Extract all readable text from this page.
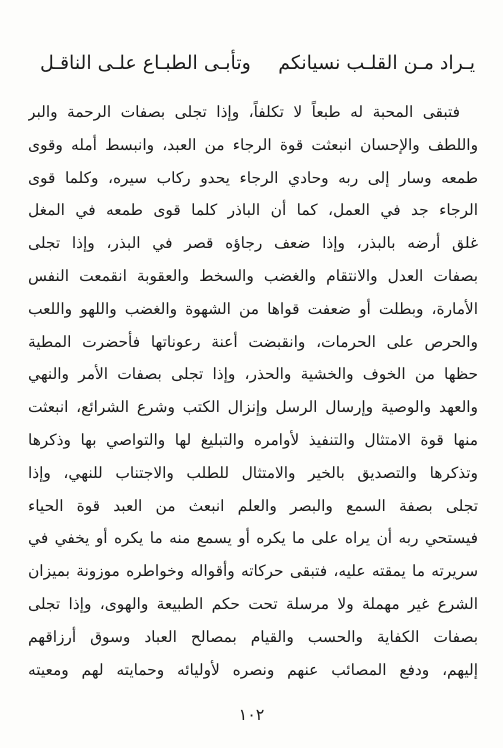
يـراد مـن القلـب نسيانكم
وتأبـى الطبـاع علـى الناقـل
فتبقى المحبة له طبعاً لا تكلفاً، وإذا تجلى بصفات الرحمة والبر
واللطف والإحسان انبعثت قوة الرجاء من العبد، وانبسط أمله وقوى
طمعه وسار إلى ربه وحادي الرجاء يحدو ركاب سيره، وكلما قوى
الرجاء جد في العمل، كما أن الباذر كلما قوى طمعه في المغل
غلق أرضه بالبذر، وإذا ضعف رجاؤه قصر في البذر، وإذا تجلى
بصفات العدل والانتقام والغضب والسخط والعقوبة انقمعت النفس
الأمارة، وبطلت أو ضعفت قواها من الشهوة والغضب واللهو واللعب
والحرص على الحرمات، وانقبضت أعنة رعوناتها فأحضرت المطية
حظها من الخوف والخشية والحذر، وإذا تجلى بصفات الأمر والنهي
والعهد والوصية وإرسال الرسل وإنزال الكتب وشرع الشرائع، انبعثت
منها قوة الامتثال والتنفيذ لأوامره والتبليغ لها والتواصي بها وذكرها
وتذكرها والتصديق بالخير والامتثال للطلب والاجتناب للنهي، وإذا
تجلى بصفة السمع والبصر والعلم انبعث من العبد قوة الحياء
فيستحي ربه أن يراه على ما يكره أو يسمع منه ما يكره أو يخفي في
سريرته ما يمقته عليه، فتبقى حركاته وأقواله وخواطره موزونة بميزان
الشرع غير مهملة ولا مرسلة تحت حكم الطبيعة والهوى، وإذا تجلى
بصفات الكفاية والحسب والقيام بمصالح العباد وسوق أرزاقهم
إليهم، ودفع المصائب عنهم ونصره لأوليائه وحمايته لهم ومعيته
١٠٢
